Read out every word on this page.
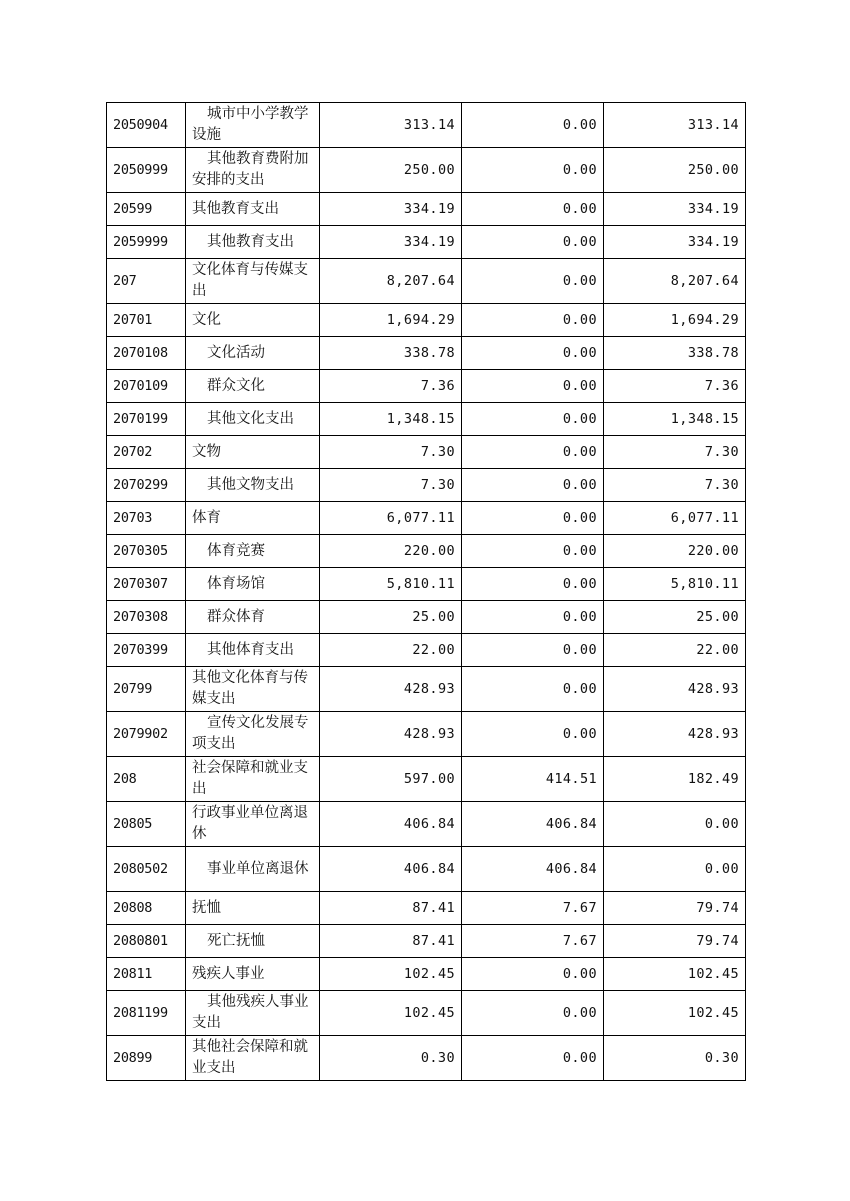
2050904	城市中小学教学设施	313.14	0.00	313.14
2050999	其他教育费附加安排的支出	250.00	0.00	250.00
20599	其他教育支出	334.19	0.00	334.19
2059999	其他教育支出	334.19	0.00	334.19
207	文化体育与传媒支出	8,207.64	0.00	8,207.64
20701	文化	1,694.29	0.00	1,694.29
2070108	文化活动	338.78	0.00	338.78
2070109	群众文化	7.36	0.00	7.36
2070199	其他文化支出	1,348.15	0.00	1,348.15
20702	文物	7.30	0.00	7.30
2070299	其他文物支出	7.30	0.00	7.30
20703	体育	6,077.11	0.00	6,077.11
2070305	体育竞赛	220.00	0.00	220.00
2070307	体育场馆	5,810.11	0.00	5,810.11
2070308	群众体育	25.00	0.00	25.00
2070399	其他体育支出	22.00	0.00	22.00
20799	其他文化体育与传媒支出	428.93	0.00	428.93
2079902	宣传文化发展专项支出	428.93	0.00	428.93
208	社会保障和就业支出	597.00	414.51	182.49
20805	行政事业单位离退休	406.84	406.84	0.00
2080502	事业单位离退休	406.84	406.84	0.00
20808	抚恤	87.41	7.67	79.74
2080801	死亡抚恤	87.41	7.67	79.74
20811	残疾人事业	102.45	0.00	102.45
2081199	其他残疾人事业支出	102.45	0.00	102.45
20899	其他社会保障和就业支出	0.30	0.00	0.30
